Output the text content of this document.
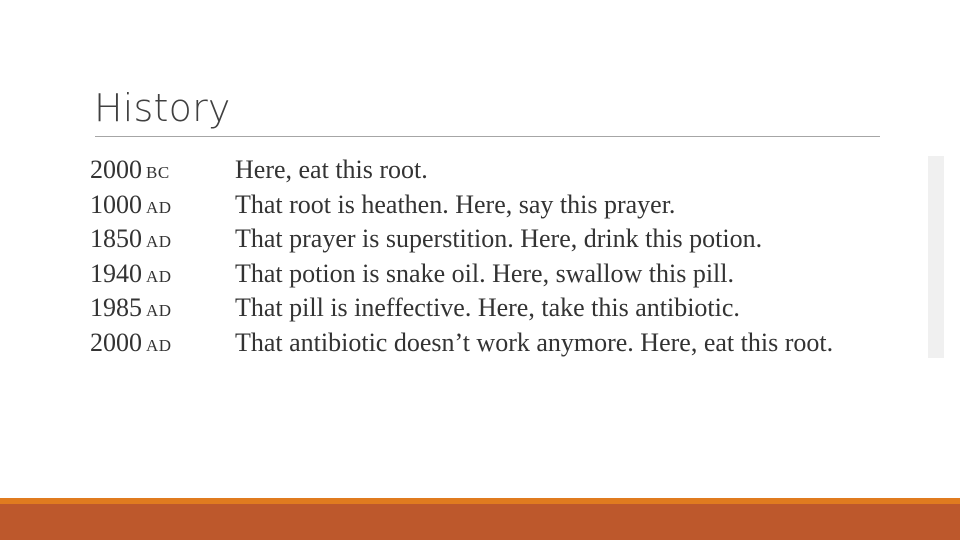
History
2000 bc	Here, eat this root.
1000 ad That root is heathen. Here, say this prayer.
1850 ad That prayer is superstition. Here, drink this potion.
1940 ad That potion is snake oil. Here, swallow this pill.
1985 ad That pill is ineffective. Here, take this antibiotic.
2000 ad That antibiotic doesn’t work anymore. Here, eat this root.
